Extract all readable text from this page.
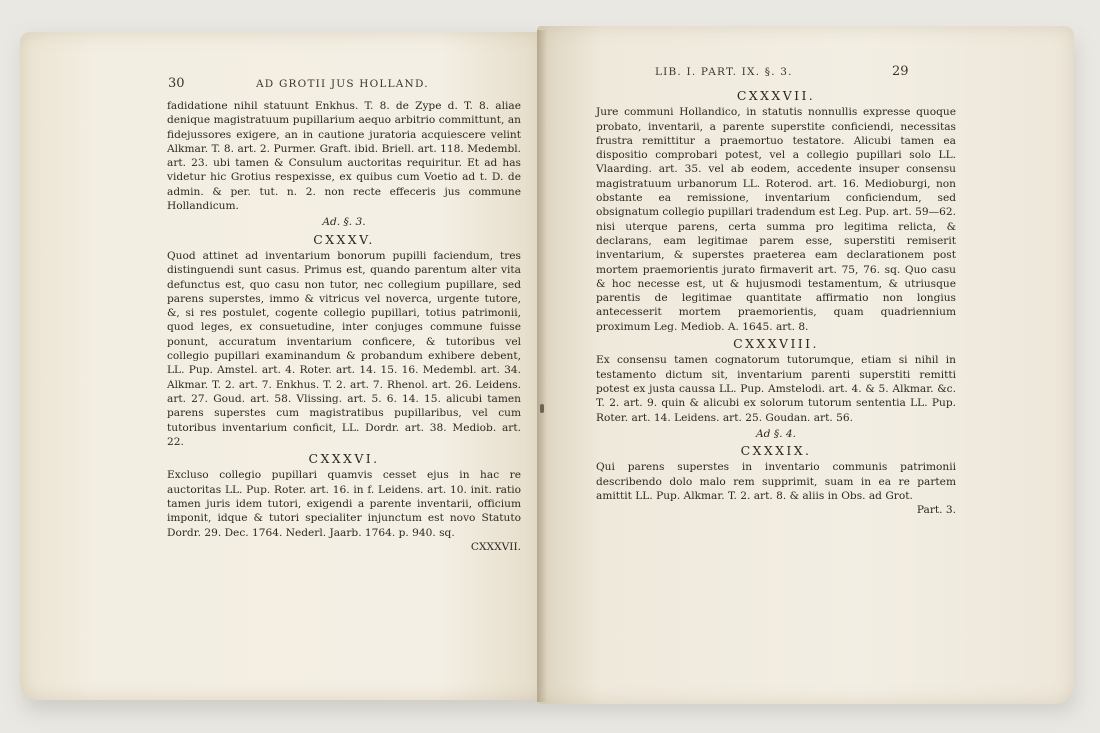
30	AD GROTII JUS HOLLAND.

fadidatione nihil statuunt Enkhus. T. 8. de Zype d. T. 8. aliae denique magistratuum pupillarium aequo arbitrio committunt, an fidejussores exigere, an in cautione juratoria acquiescere velint Alkmar. T. 8. art. 2. Purmer. Graft. ibid. Briell. art. 118. Medembl. art. 23. ubi tamen & Consulum auctoritas requiritur. Et ad has videtur hic Grotius respexisse, ex quibus cum Voetio ad t. D. de admin. & per. tut. n. 2. non recte effeceris jus commune Hollandicum.

Ad. §. 3.
CXXXV.

Quod attinet ad inventarium bonorum pupilli faciendum, tres distinguendi sunt casus. Primus est, quando parentum alter vita defunctus est, quo casu non tutor, nec collegium pupillare, sed parens superstes, immo & vitricus vel noverca, urgente tutore, &, si res postulet, cogente collegio pupillari, totius patrimonii, quod leges, ex consuetudine, inter conjuges commune fuisse ponunt, accuratum inventarium conficere, & tutoribus vel collegio pupillari examinandum & probandum exhibere debent, LL. Pup. Amstel. art. 4. Roter. art. 14. 15. 16. Medembl. art. 34. Alkmar. T. 2. art. 7. Enkhus. T. 2. art. 7. Rhenol. art. 26. Leidens. art. 27. Goud. art. 58. Vlissing. art. 5. 6. 14. 15. alicubi tamen parens superstes cum magistratibus pupillaribus, vel cum tutoribus inventarium conficit, LL. Dordr. art. 38. Mediob. art. 22.

CXXXVI.

Excluso collegio pupillari quamvis cesset ejus in hac re auctoritas LL. Pup. Roter. art. 16. in f. Leidens. art. 10. init. ratio tamen juris idem tutori, exigendi a parente inventarii, officium imponit, idque & tutori specialiter injunctum est novo Statuto Dordr. 29. Dec. 1764. Nederl. Jaarb. 1764. p. 940. sq.

CXXXVII.
LIB. I. PART. IX. §. 3.	29
CXXXVII.

Jure communi Hollandico, in statutis nonnullis expresse quoque probato, inventarii, a parente superstite conficiendi, necessitas frustra remittitur a praemortuo testatore. Alicubi tamen ea dispositio comprobari potest, vel a collegio pupillari solo LL. Vlaarding. art. 35. vel ab eodem, accedente insuper consensu magistratuum urbanorum LL. Roterod. art. 16. Medioburgi, non obstante ea remissione, inventarium conficiendum, sed obsignatum collegio pupillari tradendum est Leg. Pup. art. 59—62. nisi uterque parens, certa summa pro legitima relicta, & declarans, eam legitimae parem esse, superstiti remiserit inventarium, & superstes praeterea eam declarationem post mortem praemorientis jurato firmaverit art. 75, 76. sq. Quo casu & hoc necesse est, ut & hujusmodi testamentum, & utriusque parentis de legitimae quantitate affirmatio non longius antecesserit mortem praemorientis, quam quadriennium proximum Leg. Mediob. A. 1645. art. 8.

CXXXVIII.

Ex consensu tamen cognatorum tutorumque, etiam si nihil in testamento dictum sit, inventarium parenti superstiti remitti potest ex justa caussa LL. Pup. Amstelodi. art. 4. & 5. Alkmar. &c. T. 2. art. 9. quin & alicubi ex solorum tutorum sententia LL. Pup. Roter. art. 14. Leidens. art. 25. Goudan. art. 56.

Ad §. 4.
CXXXIX.

Qui parens superstes in inventario communis patrimonii describendo dolo malo rem supprimit, suam in ea re partem amittit LL. Pup. Alkmar. T. 2. art. 8. & aliis in Obs. ad Grot.

Part. 3.
